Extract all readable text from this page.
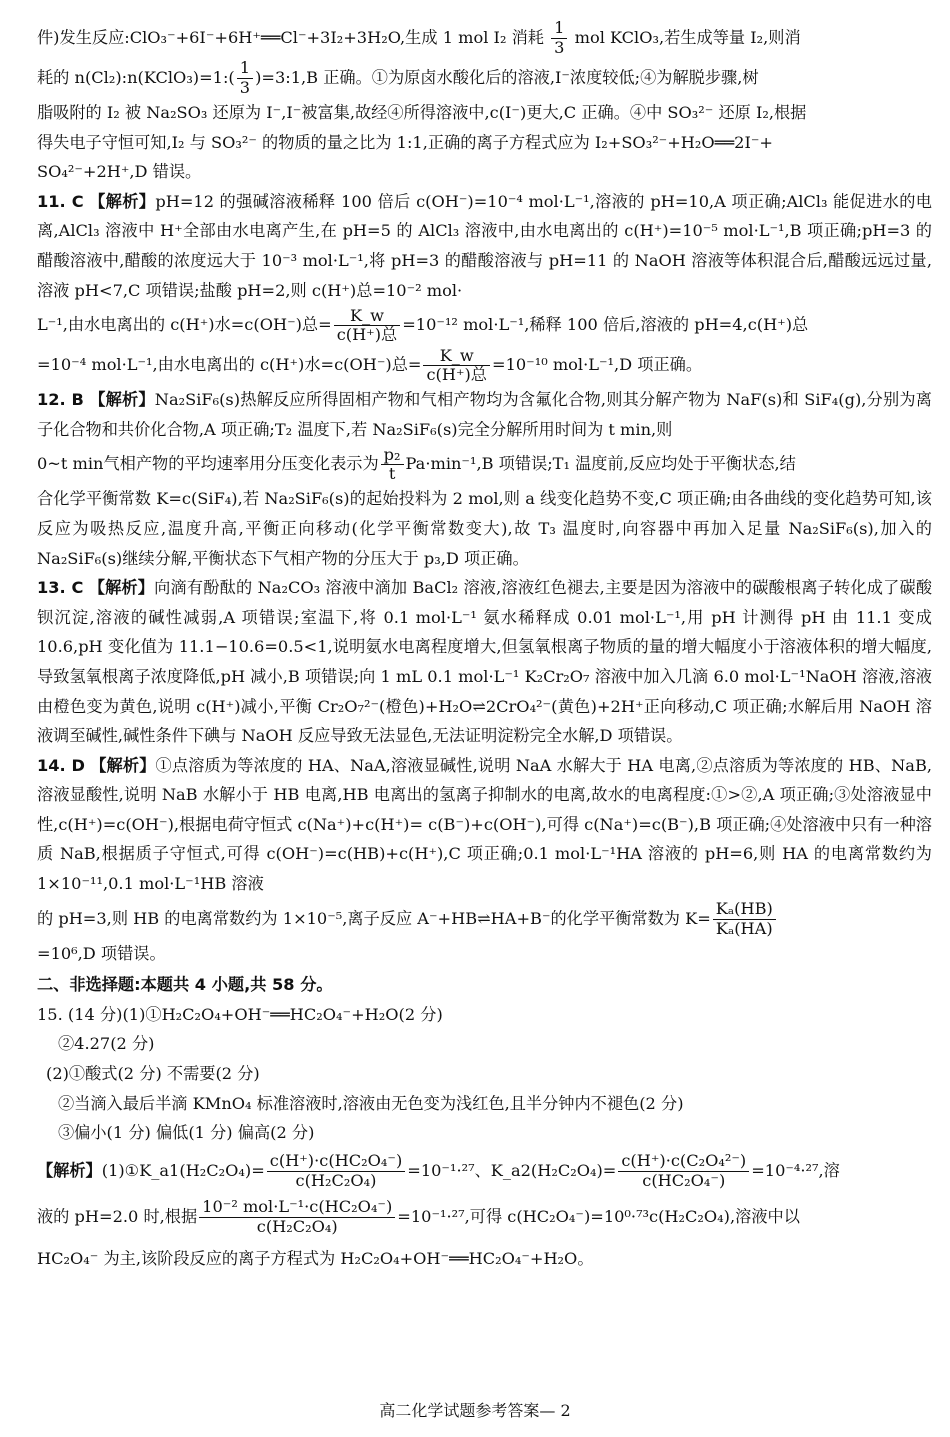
件)发生反应:ClO₃⁻+6I⁻+6H⁺══Cl⁻+3I₂+3H₂O,生成 1 mol I₂ 消耗 $\frac{1}{3}$ mol KClO₃,若生成等量 I₂,则消
耗的 n(Cl₂):n(KClO₃)=1:( $\frac{1}{3}$ )=3:1,B 正确。①为原卤水酸化后的溶液,I⁻浓度较低;④为解脱步骤,树
脂吸附的 I₂ 被 Na₂SO₃ 还原为 I⁻,I⁻被富集,故经④所得溶液中,c(I⁻)更大,C 正确。④中 SO₃²⁻ 还原 I₂,根据
得失电子守恒可知,I₂ 与 SO₃²⁻ 的物质的量之比为 1:1,正确的离子方程式应为 I₂+SO₃²⁻+H₂O══2I⁻+
SO₄²⁻+2H⁺,D 错误。
11. C 【解析】pH=12 的强碱溶液稀释 100 倍后 c(OH⁻)=10⁻⁴ mol·L⁻¹,溶液的 pH=10,A 项正确;AlCl₃ 能促进水的电离,AlCl₃ 溶液中 H⁺全部由水电离产生,在 pH=5 的 AlCl₃ 溶液中,由水电离出的 c(H⁺)=10⁻⁵ mol·L⁻¹,B 项正确;pH=3 的醋酸溶液中,醋酸的浓度远大于 10⁻³ mol·L⁻¹,将 pH=3 的醋酸溶液与 pH=11 的 NaOH 溶液等体积混合后,醋酸远远过量,溶液 pH<7,C 项错误;盐酸 pH=2,则 c(H⁺)总=10⁻² mol·
L⁻¹,由水电离出的 c(H⁺)水=c(OH⁻)总= $\frac{K\_w}{\text{c(H⁺)总}} =10^{-12}$ mol·L⁻¹,稀释 100 倍后,溶液的 pH=4,c(H⁺)总
=10⁻⁴ mol·L⁻¹,由水电离出的 c(H⁺)水=c(OH⁻)总= $\frac{K\_w}{\text{c(H⁺)总}} =10^{-10}$ mol·L⁻¹,D 项正确。
12. B 【解析】Na₂SiF₆(s)热解反应所得固相产物和气相产物均为含氟化合物,则其分解产物为 NaF(s)和 SiF₄(g),分别为离子化合物和共价化合物,A 项正确;T₂ 温度下,若 Na₂SiF₆(s)完全分解所用时间为 t min,则
0~t min气相产物的平均速率用分压变化表示为 $\frac{\text{p₂}}{t} Pa\cdot\min^{-1},B$ 项错误;T₁ 温度前,反应均处于平衡状态,结
合化学平衡常数 K=c(SiF₄),若 Na₂SiF₆(s)的起始投料为 2 mol,则 a 线变化趋势不变,C 项正确;由各曲线的变化趋势可知,该反应为吸热反应,温度升高,平衡正向移动(化学平衡常数变大),故 T₃ 温度时,向容器中再加入足量 Na₂SiF₆(s),加入的 Na₂SiF₆(s)继续分解,平衡状态下气相产物的分压大于 p₃,D 项正确。
13. C 【解析】向滴有酚酞的 Na₂CO₃ 溶液中滴加 BaCl₂ 溶液,溶液红色褪去,主要是因为溶液中的碳酸根离子转化成了碳酸钡沉淀,溶液的碱性减弱,A 项错误;室温下,将 0.1 mol·L⁻¹ 氨水稀释成 0.01 mol·L⁻¹,用 pH 计测得 pH 由 11.1 变成 10.6,pH 变化值为 11.1−10.6=0.5<1,说明氨水电离程度增大,但氢氧根离子物质的量的增大幅度小于溶液体积的增大幅度,导致氢氧根离子浓度降低,pH 减小,B 项错误;向 1 mL 0.1 mol·L⁻¹ K₂Cr₂O₇ 溶液中加入几滴 6.0 mol·L⁻¹NaOH 溶液,溶液由橙色变为黄色,说明 c(H⁺)减小,平衡 Cr₂O₇²⁻(橙色)+H₂O⇌2CrO₄²⁻(黄色)+2H⁺正向移动,C 项正确;水解后用 NaOH 溶液调至碱性,碱性条件下碘与 NaOH 反应导致无法显色,无法证明淀粉完全水解,D 项错误。
14. D 【解析】①点溶质为等浓度的 HA、NaA,溶液显碱性,说明 NaA 水解大于 HA 电离,②点溶质为等浓度的 HB、NaB,溶液显酸性,说明 NaB 水解小于 HB 电离,HB 电离出的氢离子抑制水的电离,故水的电离程度:①>②,A 项正确;③处溶液显中性,c(H⁺)=c(OH⁻),根据电荷守恒式 c(Na⁺)+c(H⁺)= c(B⁻)+c(OH⁻),可得 c(Na⁺)=c(B⁻),B 项正确;④处溶液中只有一种溶质 NaB,根据质子守恒式,可得 c(OH⁻)=c(HB)+c(H⁺),C 项正确;0.1 mol·L⁻¹HA 溶液的 pH=6,则 HA 的电离常数约为 1×10⁻¹¹,0.1 mol·L⁻¹HB 溶液
的 pH=3,则 HB 的电离常数约为 1×10⁻⁵,离子反应 A⁻+HB⇌HA+B⁻的化学平衡常数为 $K= \frac{\text{Kₐ(HB)}}{\text{Kₐ(HA)}}$
=10⁶,D 项错误。
二、非选择题:本题共 4 小题,共 58 分。
15. (14 分)(1)①H₂C₂O₄+OH⁻══HC₂O₄⁻+H₂O(2 分)
②4.27(2 分)
(2)①酸式(2 分) 不需要(2 分)
②当滴入最后半滴 KMnO₄ 标准溶液时,溶液由无色变为浅红色,且半分钟内不褪色(2 分)
③偏小(1 分) 偏低(1 分) 偏高(2 分)
【解析】(1)①K_a1(H₂C₂O₄)= $\frac{\text{c(H⁺)·c(HC₂O₄⁻)}}{\text{c(H₂C₂O₄)}} =10^{-1}\cdot^{27}$、K_a2(H₂C₂O₄)= $\frac{\text{c(H⁺)·c(C₂O₄²⁻)}}{\text{c(HC₂O₄⁻)}} =10^{-4}\cdot^{27}$,溶
液的 pH=2.0 时,根据 $\frac{\text{10⁻² mol·L⁻¹·c(HC₂O₄⁻)}}{\text{c(H₂C₂O₄)}} =10^{-1}\cdot^{27}$,可得 c(HC₂O₄⁻)=10⁰·⁷³c(H₂C₂O₄),溶液中以
HC₂O₄⁻ 为主,该阶段反应的离子方程式为 H₂C₂O₄+OH⁻══HC₂O₄⁻+H₂O。
高二化学试题参考答案— 2
